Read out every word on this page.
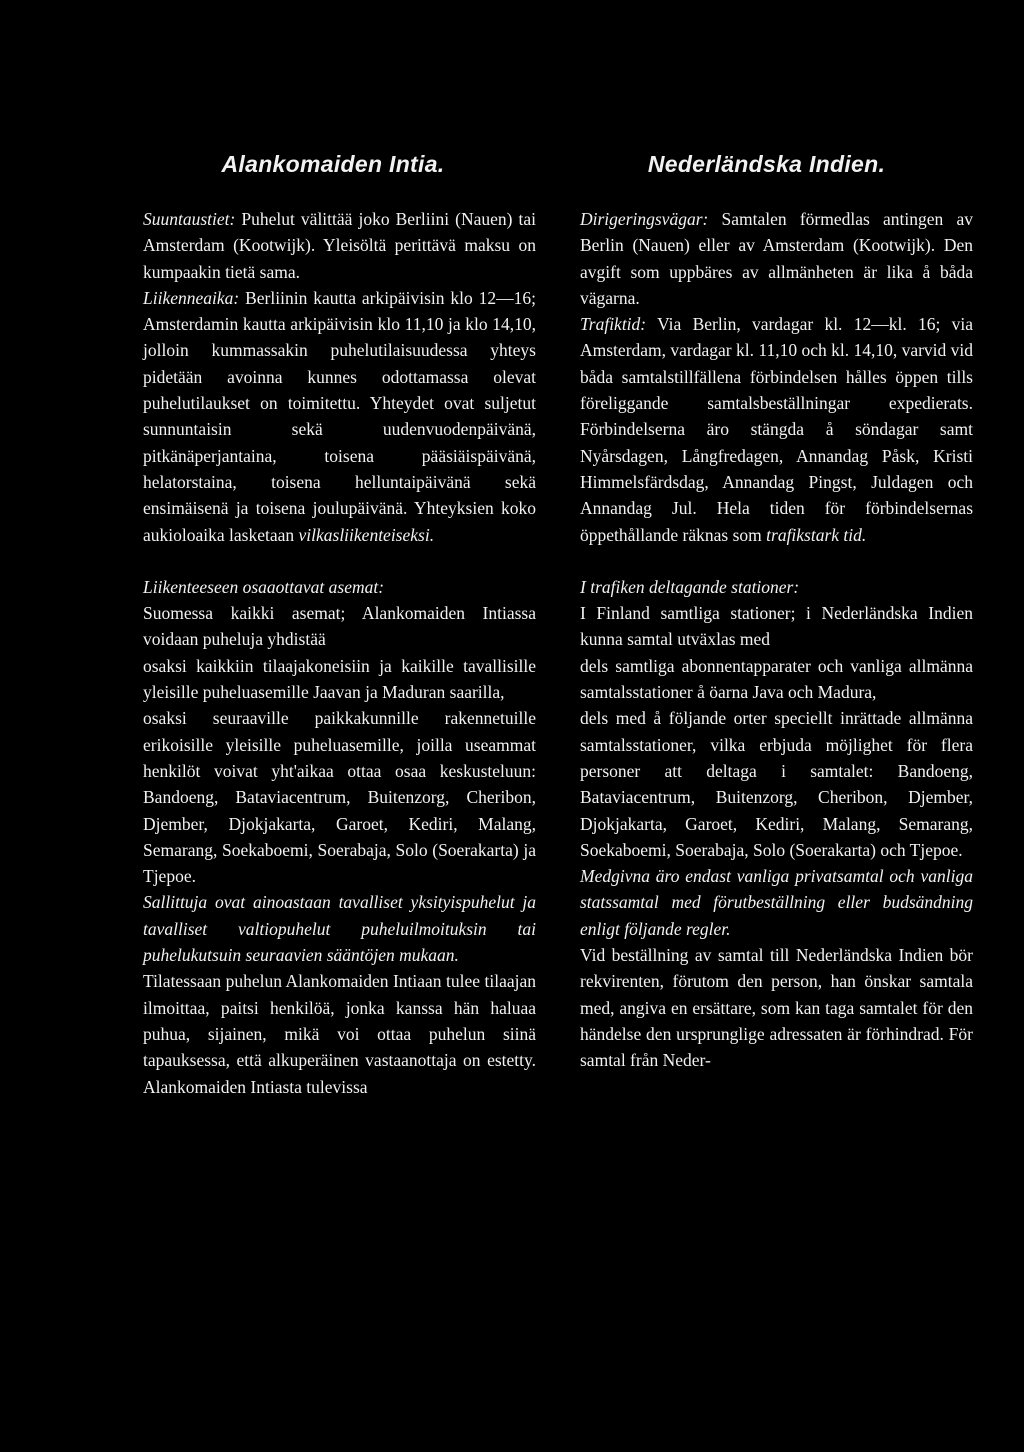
Alankomaiden Intia.

Suuntaustiet: Puhelut välittää joko Berliini (Nauen) tai Amsterdam (Kootwijk). Yleisöltä perittävä maksu on kumpaakin tietä sama.

Liikenneaika: Berliinin kautta arkipäivisin klo 12—16; Amsterdamin kautta arkipäivisin klo 11,10 ja klo 14,10, jolloin kummassakin puhelutilaisuudessa yhteys pidetään avoinna kunnes odottamassa olevat puhelutilaukset on toimitettu. Yhteydet ovat suljetut sunnuntaisin sekä uudenvuodenpäivänä, pitkänäperjantaina, toisena pääsiäispäivänä, helatorstaina, toisena helluntaipäivänä sekä ensimäisenä ja toisena joulupäivänä. Yhteyksien koko aukioloaika lasketaan vilkasliikenteiseksi.

Liikenteeseen osaaottavat asemat:

Suomessa kaikki asemat; Alankomaiden Intiassa voidaan puheluja yhdistää

osaksi kaikkiin tilaajakoneisiin ja kaikille tavallisille yleisille puheluasemille Jaavan ja Maduran saarilla,

osaksi seuraaville paikkakunnille rakennetuille erikoisille yleisille puheluasemille, joilla useammat henkilöt voivat yht'aikaa ottaa osaa keskusteluun: Bandoeng, Bataviacentrum, Buitenzorg, Cheribon, Djember, Djokjakarta, Garoet, Kediri, Malang, Semarang, Soekaboemi, Soerabaja, Solo (Soerakarta) ja Tjepoe.

Sallittuja ovat ainoastaan tavalliset yksityispuhelut ja tavalliset valtiopuhelut puheluilmoituksin tai puhelukutsuin seuraavien sääntöjen mukaan.

Tilatessaan puhelun Alankomaiden Intiaan tulee tilaajan ilmoittaa, paitsi henkilöä, jonka kanssa hän haluaa puhua, sijainen, mikä voi ottaa puhelun siinä tapauksessa, että alkuperäinen vastaanottaja on estetty. Alankomaiden Intiasta tulevissa

Nederländska Indien.

Dirigeringsvägar: Samtalen förmedlas antingen av Berlin (Nauen) eller av Amsterdam (Kootwijk). Den avgift som uppbäres av allmänheten är lika å båda vägarna.

Trafiktid: Via Berlin, vardagar kl. 12—kl. 16; via Amsterdam, vardagar kl. 11,10 och kl. 14,10, varvid vid båda samtalstillfällena förbindelsen hålles öppen tills föreliggande samtalsbeställningar expedierats. Förbindelserna äro stängda å söndagar samt Nyårsdagen, Långfredagen, Annandag Påsk, Kristi Himmelsfärdsdag, Annandag Pingst, Juldagen och Annandag Jul. Hela tiden för förbindelsernas öppethållande räknas som trafikstark tid.

I trafiken deltagande stationer:

I Finland samtliga stationer; i Nederländska Indien kunna samtal utväxlas med

dels samtliga abonnentapparater och vanliga allmänna samtalsstationer å öarna Java och Madura,

dels med å följande orter speciellt inrättade allmänna samtalsstationer, vilka erbjuda möjlighet för flera personer att deltaga i samtalet: Bandoeng, Bataviacentrum, Buitenzorg, Cheribon, Djember, Djokjakarta, Garoet, Kediri, Malang, Semarang, Soekaboemi, Soerabaja, Solo (Soerakarta) och Tjepoe.

Medgivna äro endast vanliga privatsamtal och vanliga statssamtal med förutbeställning eller budsändning enligt följande regler.

Vid beställning av samtal till Nederländska Indien bör rekvirenten, förutom den person, han önskar samtala med, angiva en ersättare, som kan taga samtalet för den händelse den ursprunglige adressaten är förhindrad. För samtal från Neder-
